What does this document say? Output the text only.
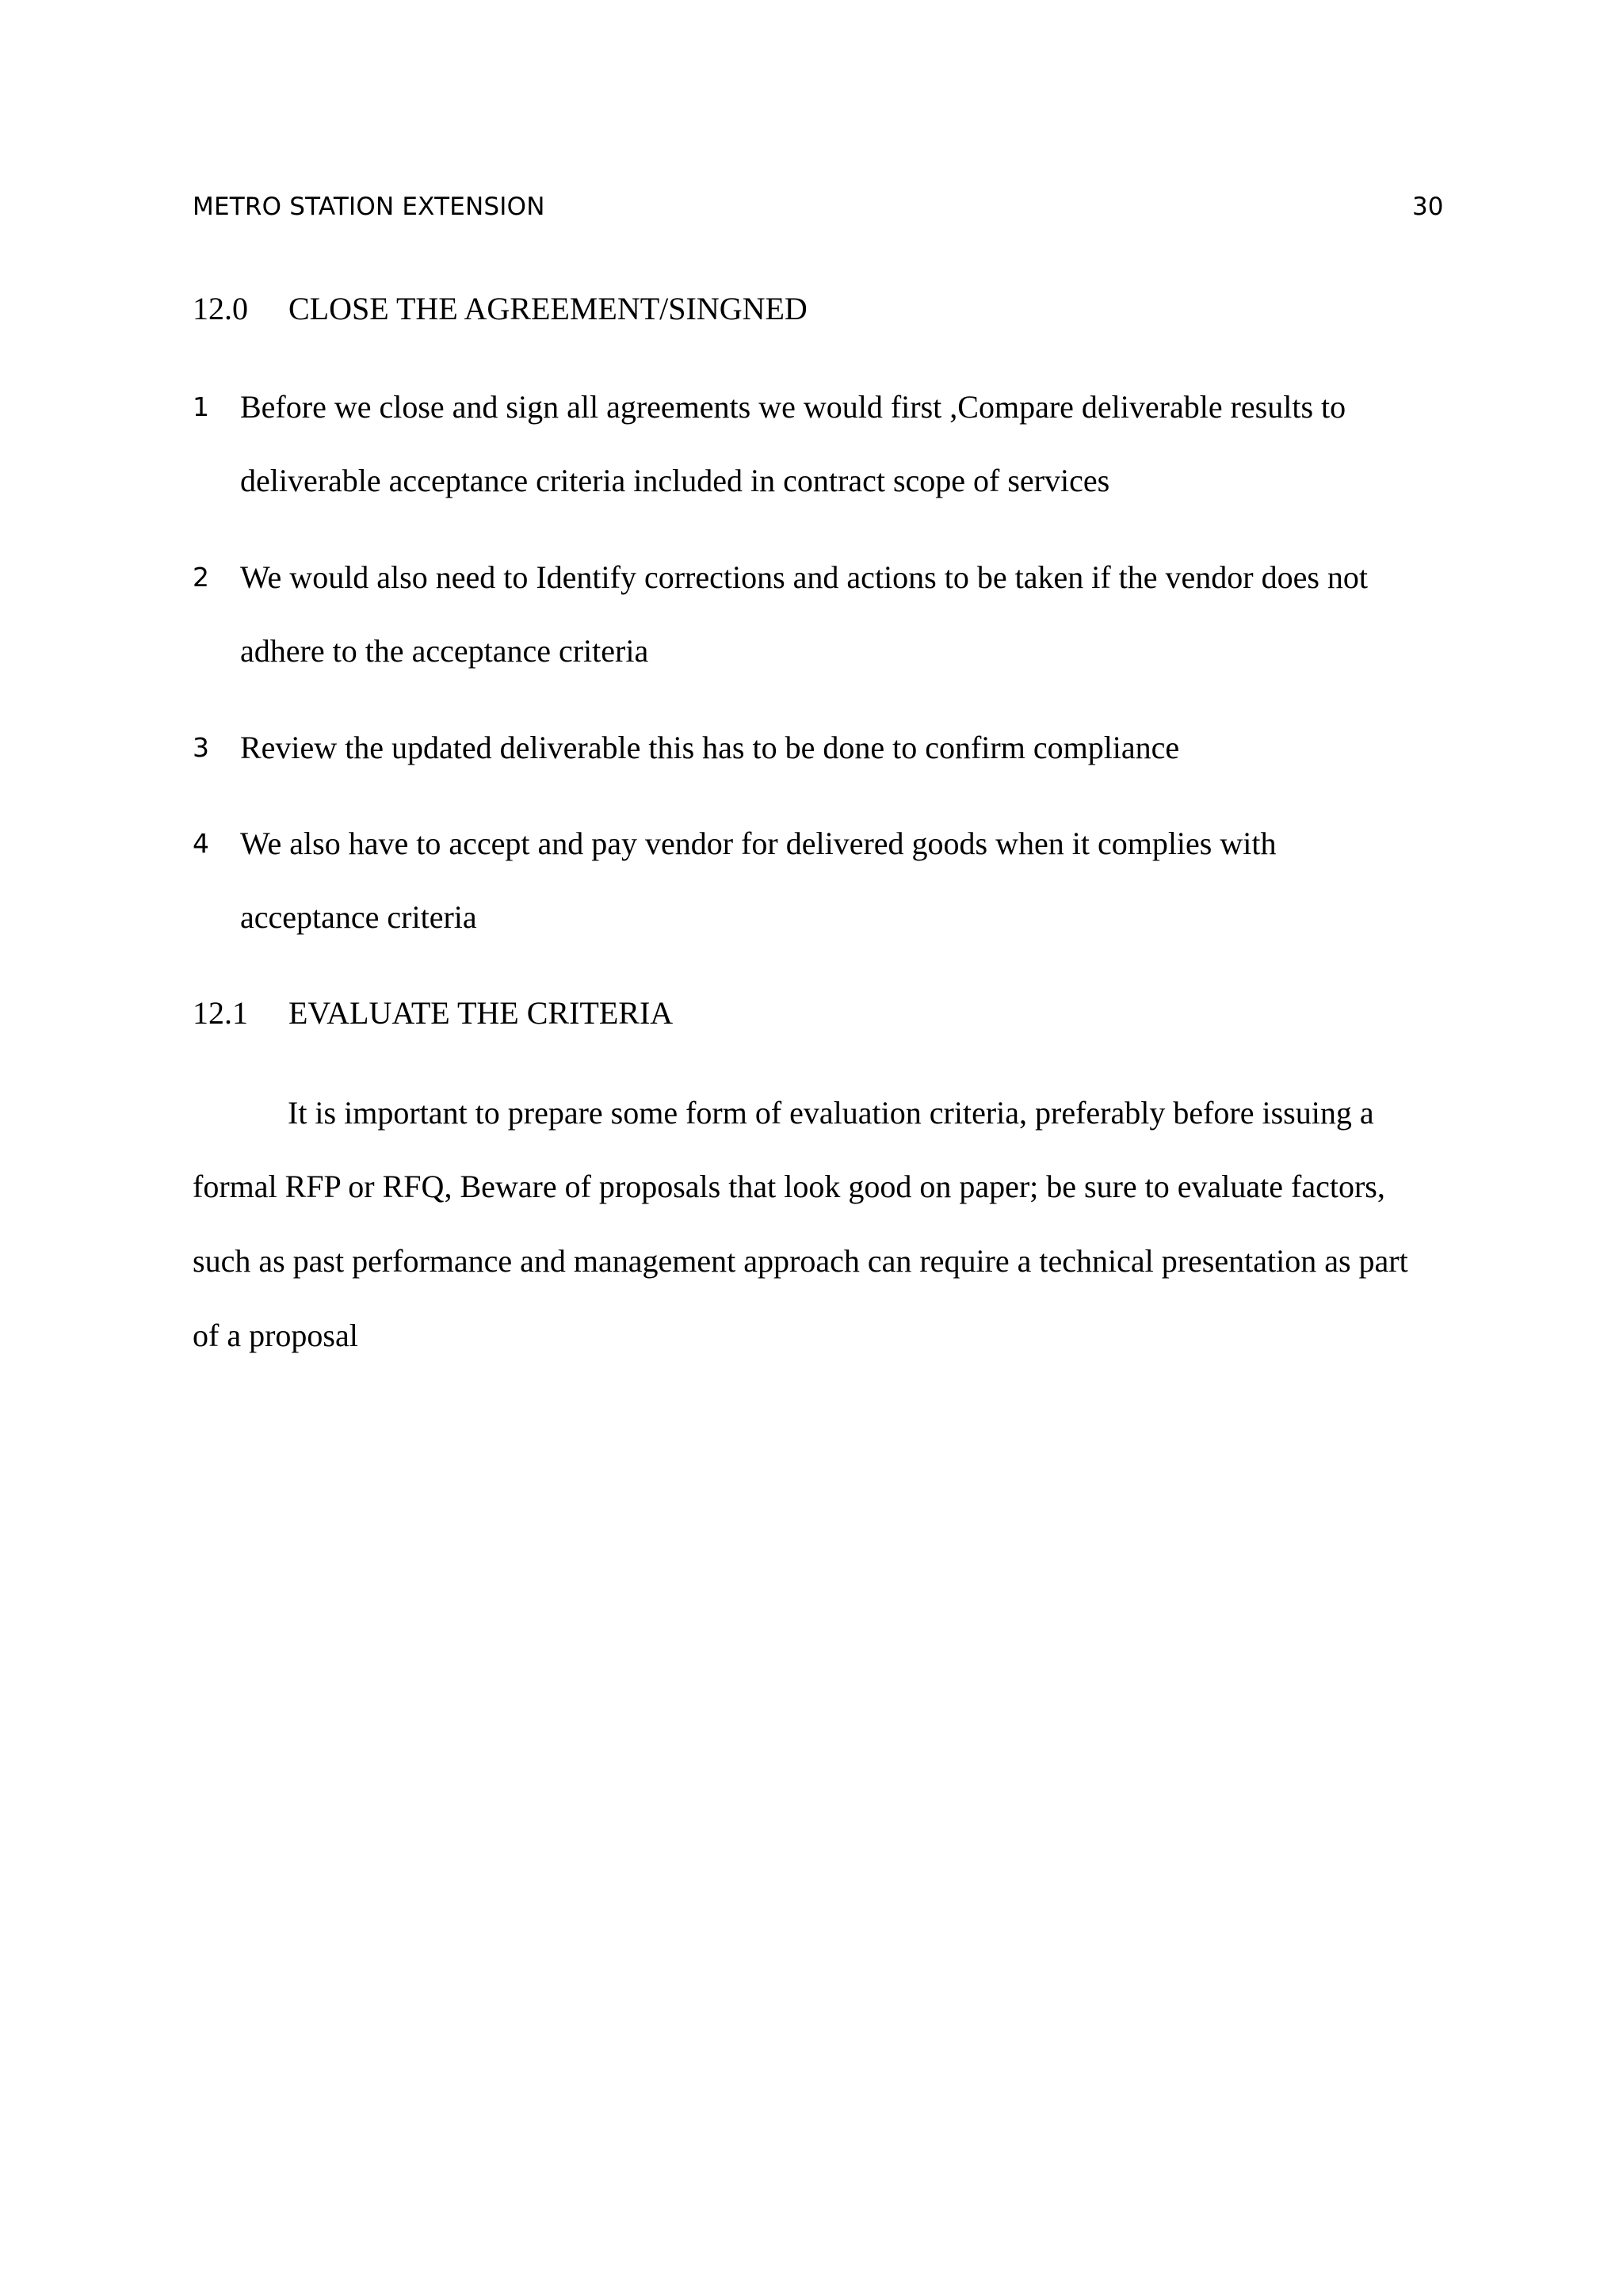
METRO STATION EXTENSION	30
12.0 CLOSE THE AGREEMENT/SINGNED
1 Before we close and sign all agreements we would first ,Compare deliverable results to
deliverable acceptance criteria included in contract scope of services
2 We would also need to Identify corrections and actions to be taken if the vendor does not
adhere to the acceptance criteria
3 Review the updated deliverable this has to be done to confirm compliance
4 We also have to accept and pay vendor for delivered goods when it complies with
acceptance criteria
12.1 EVALUATE THE CRITERIA
It is important to prepare some form of evaluation criteria, preferably before issuing a
formal RFP or RFQ, Beware of proposals that look good on paper; be sure to evaluate factors,
such as past performance and management approach can require a technical presentation as part
of a proposal
